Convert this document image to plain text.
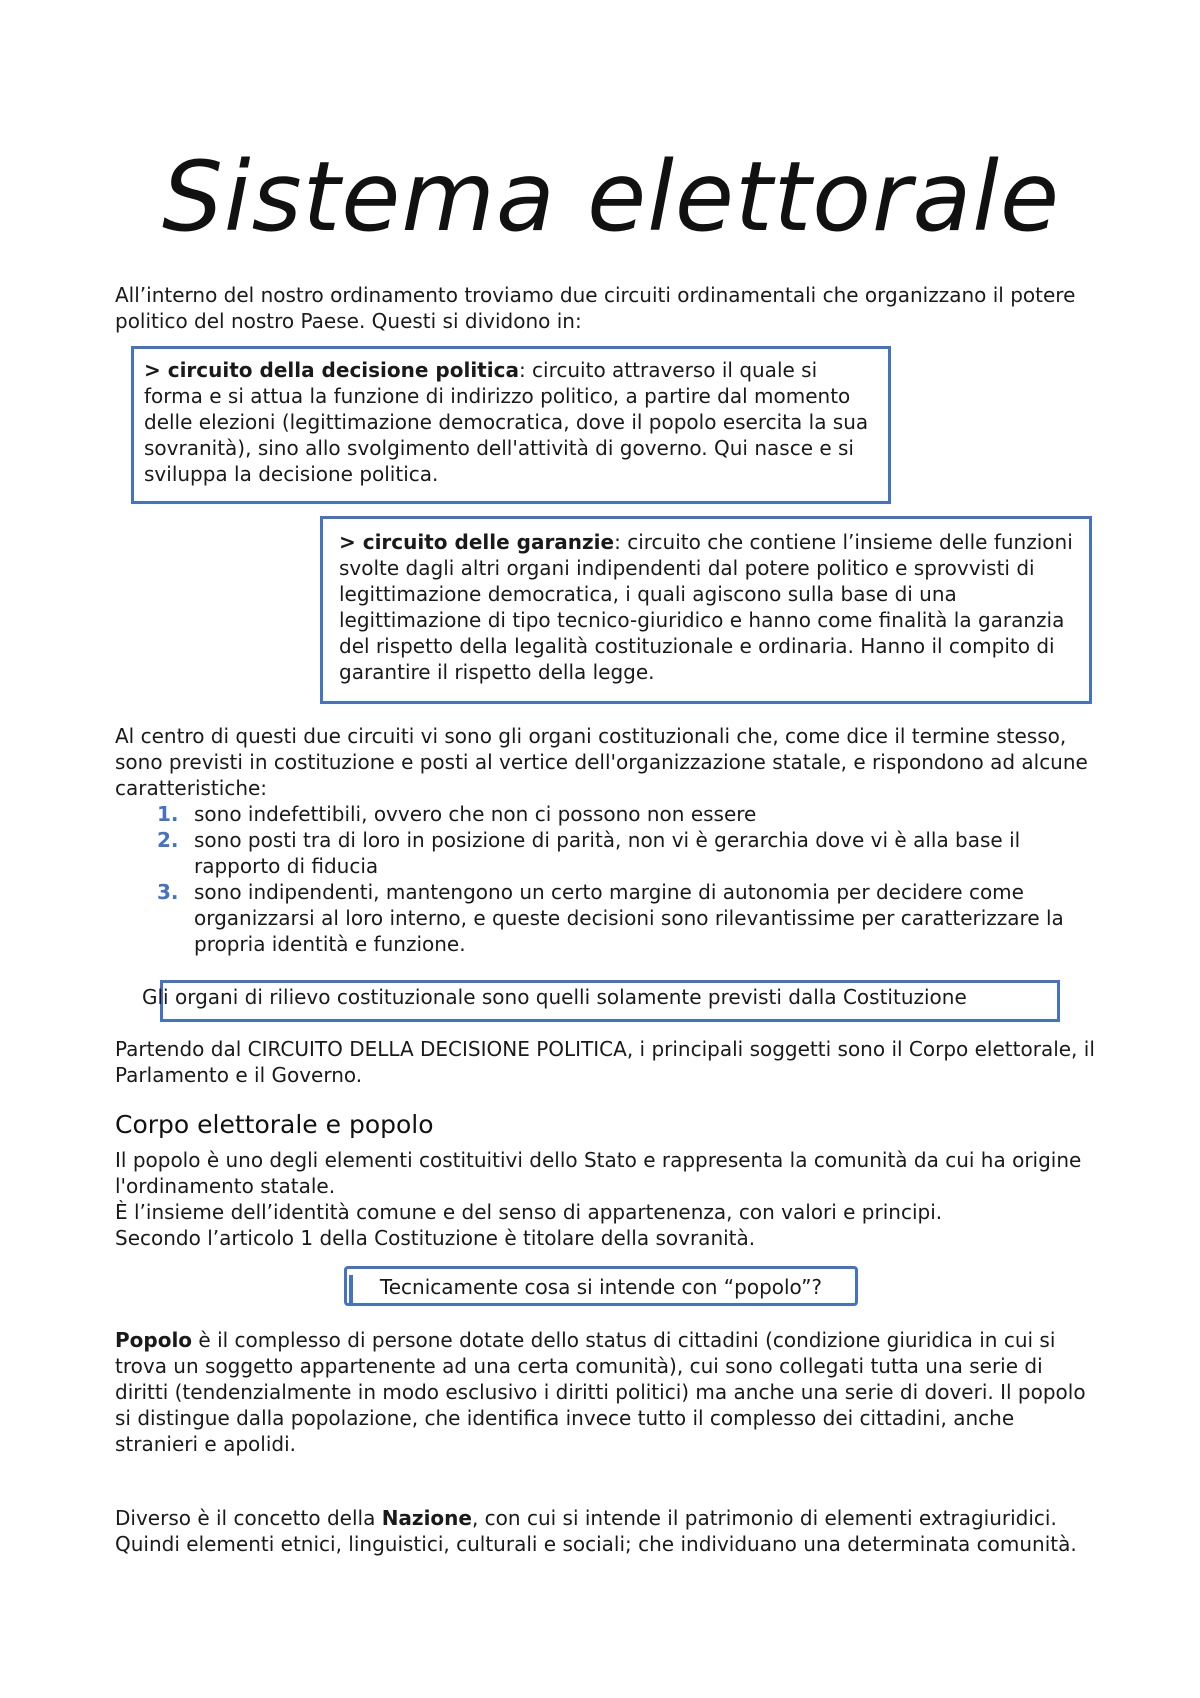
Sistema elettorale

All’interno del nostro ordinamento troviamo due circuiti ordinamentali che organizzano il potere politico del nostro Paese. Questi si dividono in:

> circuito della decisione politica: circuito attraverso il quale si forma e si attua la funzione di indirizzo politico, a partire dal momento delle elezioni (legittimazione democratica, dove il popolo esercita la sua sovranità), sino allo svolgimento dell'attività di governo. Qui nasce e si sviluppa la decisione politica.
> circuito delle garanzie: circuito che contiene l’insieme delle funzioni svolte dagli altri organi indipendenti dal potere politico e sprovvisti di legittimazione democratica, i quali agiscono sulla base di una legittimazione di tipo tecnico-giuridico e hanno come finalità la garanzia del rispetto della legalità costituzionale e ordinaria. Hanno il compito di garantire il rispetto della legge.

Al centro di questi due circuiti vi sono gli organi costituzionali che, come dice il termine stesso, sono previsti in costituzione e posti al vertice dell'organizzazione statale, e rispondono ad alcune caratteristiche:

1. sono indefettibili, ovvero che non ci possono non essere
2. sono posti tra di loro in posizione di parità, non vi è gerarchia dove vi è alla base il rapporto di fiducia
3. sono indipendenti, mantengono un certo margine di autonomia per decidere come organizzarsi al loro interno, e queste decisioni sono rilevantissime per caratterizzare la propria identità e funzione.

Gli organi di rilievo costituzionale sono quelli solamente previsti dalla Costituzione

Partendo dal CIRCUITO DELLA DECISIONE POLITICA, i principali soggetti sono il Corpo elettorale, il Parlamento e il Governo.

Corpo elettorale e popolo

Il popolo è uno degli elementi costituitivi dello Stato e rappresenta la comunità da cui ha origine l'ordinamento statale.
È l’insieme dell’identità comune e del senso di appartenenza, con valori e principi.
Secondo l’articolo 1 della Costituzione è titolare della sovranità.

Tecnicamente cosa si intende con “popolo”?

Popolo è il complesso di persone dotate dello status di cittadini (condizione giuridica in cui si trova un soggetto appartenente ad una certa comunità), cui sono collegati tutta una serie di diritti (tendenzialmente in modo esclusivo i diritti politici) ma anche una serie di doveri. Il popolo si distingue dalla popolazione, che identifica invece tutto il complesso dei cittadini, anche stranieri e apolidi.

Diverso è il concetto della Nazione, con cui si intende il patrimonio di elementi extragiuridici. Quindi elementi etnici, linguistici, culturali e sociali; che individuano una determinata comunità.
